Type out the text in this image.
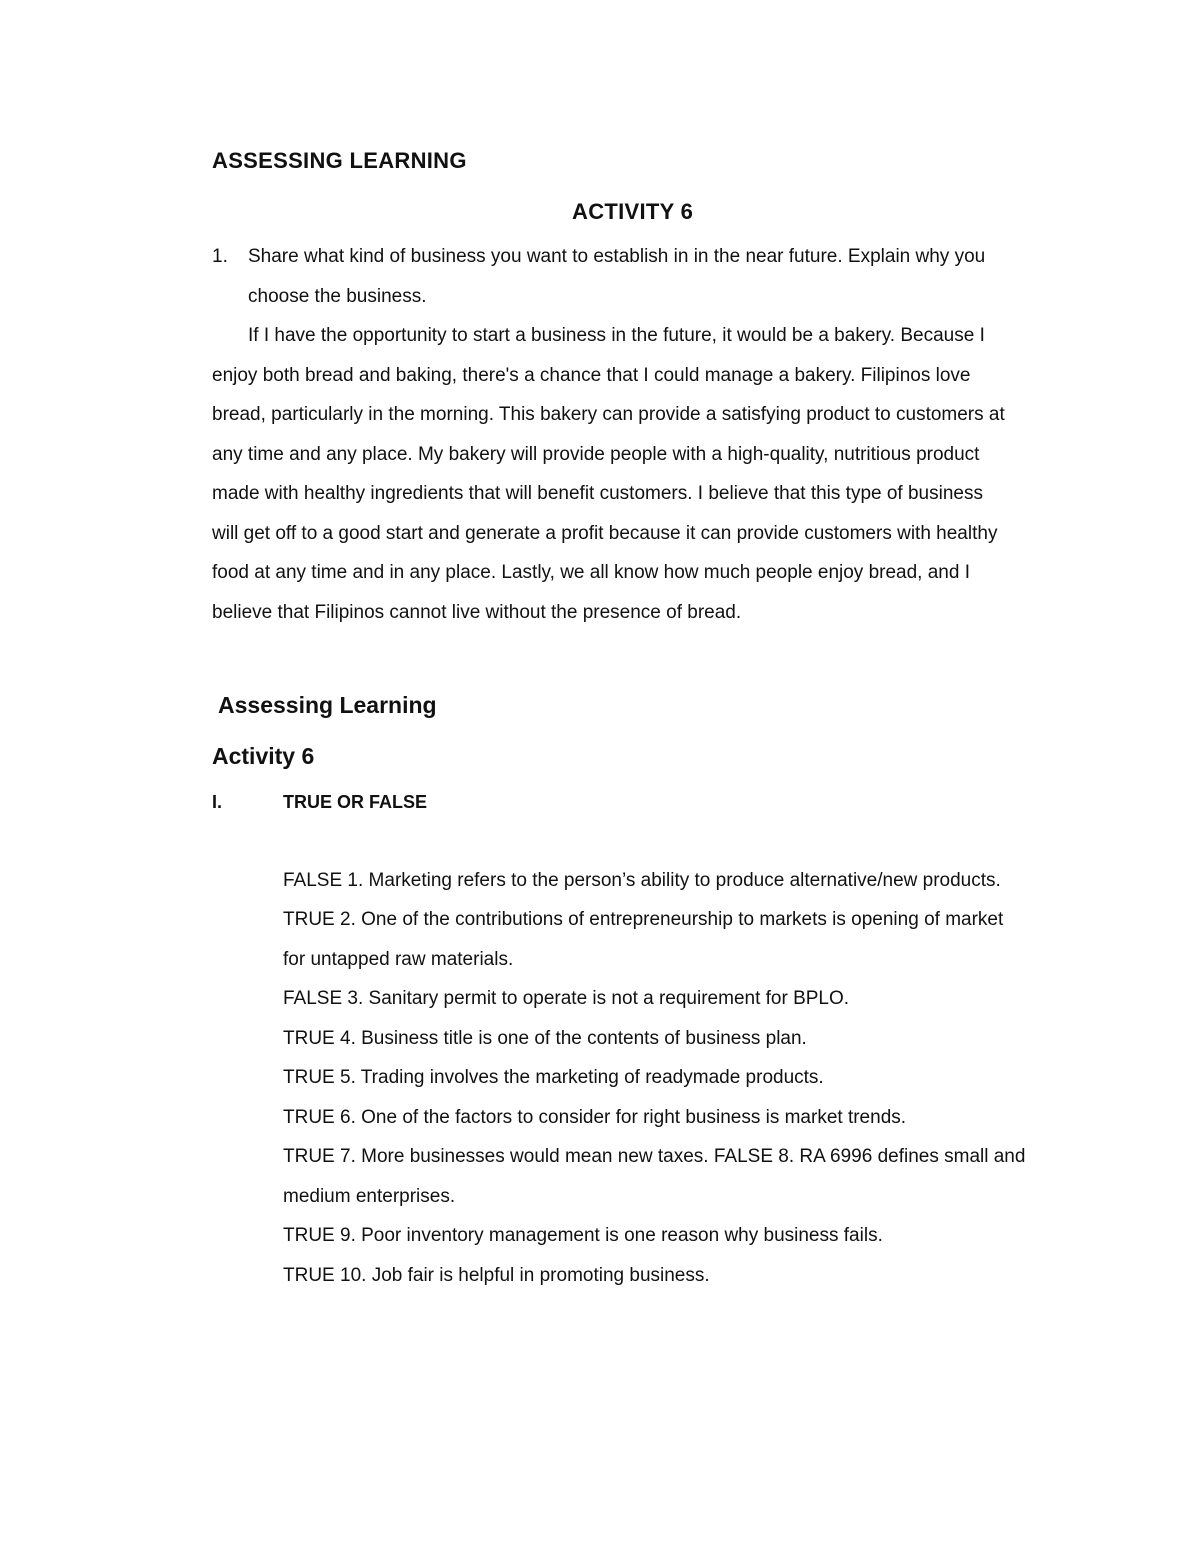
ASSESSING LEARNING
ACTIVITY 6
1. Share what kind of business you want to establish in in the near future. Explain why you
choose the business.
If I have the opportunity to start a business in the future, it would be a bakery. Because I
enjoy both bread and baking, there's a chance that I could manage a bakery. Filipinos love
bread, particularly in the morning. This bakery can provide a satisfying product to customers at
any time and any place. My bakery will provide people with a high-quality, nutritious product
made with healthy ingredients that will benefit customers. I believe that this type of business
will get off to a good start and generate a profit because it can provide customers with healthy
food at any time and in any place. Lastly, we all know how much people enjoy bread, and I
believe that Filipinos cannot live without the presence of bread.
Assessing Learning
Activity 6
I.	TRUE OR FALSE
FALSE 1. Marketing refers to the person’s ability to produce alternative/new products.
TRUE 2. One of the contributions of entrepreneurship to markets is opening of market
for untapped raw materials.
FALSE 3. Sanitary permit to operate is not a requirement for BPLO.
TRUE 4. Business title is one of the contents of business plan.
TRUE 5. Trading involves the marketing of readymade products.
TRUE 6. One of the factors to consider for right business is market trends.
TRUE 7. More businesses would mean new taxes. FALSE 8. RA 6996 defines small and
medium enterprises.
TRUE 9. Poor inventory management is one reason why business fails.
TRUE 10. Job fair is helpful in promoting business.
